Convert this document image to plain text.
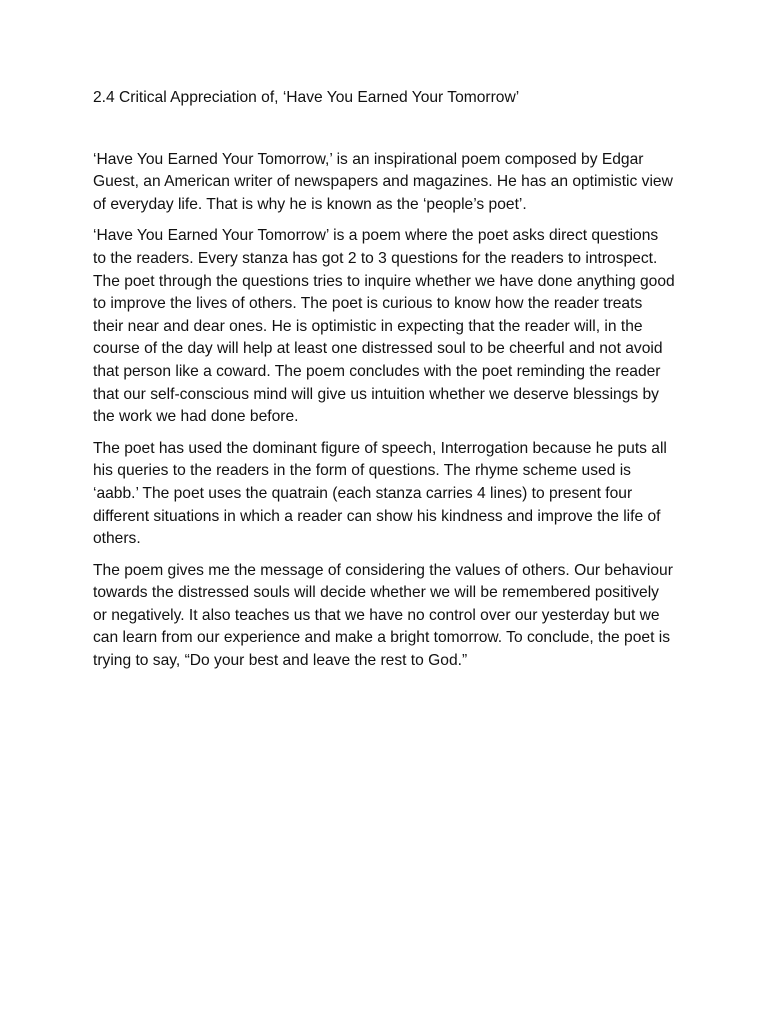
2.4 Critical Appreciation of, ‘Have You Earned Your Tomorrow’

‘Have You Earned Your Tomorrow,’ is an inspirational poem composed by Edgar Guest, an American writer of newspapers and magazines. He has an optimistic view of everyday life. That is why he is known as the ‘people’s poet’.

‘Have You Earned Your Tomorrow’ is a poem where the poet asks direct questions to the readers. Every stanza has got 2 to 3 questions for the readers to introspect. The poet through the questions tries to inquire whether we have done anything good to improve the lives of others. The poet is curious to know how the reader treats their near and dear ones. He is optimistic in expecting that the reader will, in the course of the day will help at least one distressed soul to be cheerful and not avoid that person like a coward. The poem concludes with the poet reminding the reader that our self-conscious mind will give us intuition whether we deserve blessings by the work we had done before.

The poet has used the dominant figure of speech, Interrogation because he puts all his queries to the readers in the form of questions. The rhyme scheme used is ‘aabb.’ The poet uses the quatrain (each stanza carries 4 lines) to present four different situations in which a reader can show his kindness and improve the life of others.

The poem gives me the message of considering the values of others. Our behaviour towards the distressed souls will decide whether we will be remembered positively or negatively. It also teaches us that we have no control over our yesterday but we can learn from our experience and make a bright tomorrow. To conclude, the poet is trying to say, “Do your best and leave the rest to God.”
